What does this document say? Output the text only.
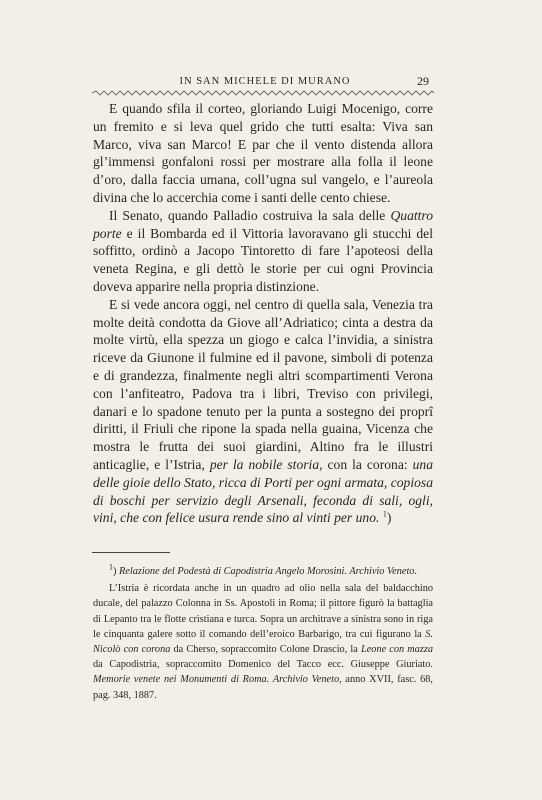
IN SAN MICHELE DI MURANO	29

E quando sfila il corteo, gloriando Luigi Mocenigo, corre un fremito e si leva quel grido che tutti esalta: Viva san Marco, viva san Marco! E par che il vento distenda allora gl’immensi gonfaloni rossi per mostrare alla folla il leone d’oro, dalla faccia umana, coll’ugna sul vangelo, e l’aureola divina che lo accerchia come i santi delle cento chiese.

Il Senato, quando Palladio costruiva la sala delle Quattro porte e il Bombarda ed il Vittoria lavoravano gli stucchi del soffitto, ordinò a Jacopo Tintoretto di fare l’apoteosi della veneta Regina, e gli dettò le storie per cui ogni Provincia doveva apparire nella propria distinzione.

E si vede ancora oggi, nel centro di quella sala, Venezia tra molte deità condotta da Giove all’Adriatico; cinta a destra da molte virtù, ella spezza un giogo e calca l’invidia, a sinistra riceve da Giunone il fulmine ed il pavone, simboli di potenza e di grandezza, finalmente negli altri scompartimenti Verona con l’anfiteatro, Padova tra i libri, Treviso con privilegi, danari e lo spadone tenuto per la punta a sostegno dei proprî diritti, il Friuli che ripone la spada nella guaina, Vicenza che mostra le frutta dei suoi giardini, Altino fra le illustri anticaglie, e l’Istria, per la nobile storia, con la corona: una delle gioie dello Stato, ricca di Porti per ogni armata, copiosa di boschi per servizio degli Arsenali, feconda di sali, ogli, vini, che con felice usura rende sino al vinti per uno. $^1$)

$^1$) Relazione del Podestà di Capodistria Angelo Morosini. Archivio Veneto.

L’Istria è ricordata anche in un quadro ad olio nella sala del baldacchino ducale, del palazzo Colonna in Ss. Apostoli in Roma; il pittore figurò la battaglia di Lepanto tra le flotte cristiana e turca. Sopra un architrave a sinistra sono in riga le cinquanta galere sotto il comando dell’eroico Barbarigo, tra cui figurano la S. Nicolò con corona da Cherso, sopraccomito Colone Drascio, la Leone con mazza da Capodistria, sopraccomito Domenico del Tacco ecc. Giuseppe Giuriato. Memorie venete nei Monumenti di Roma. Archivio Veneto, anno XVII, fasc. 68, pag. 348, 1887.
